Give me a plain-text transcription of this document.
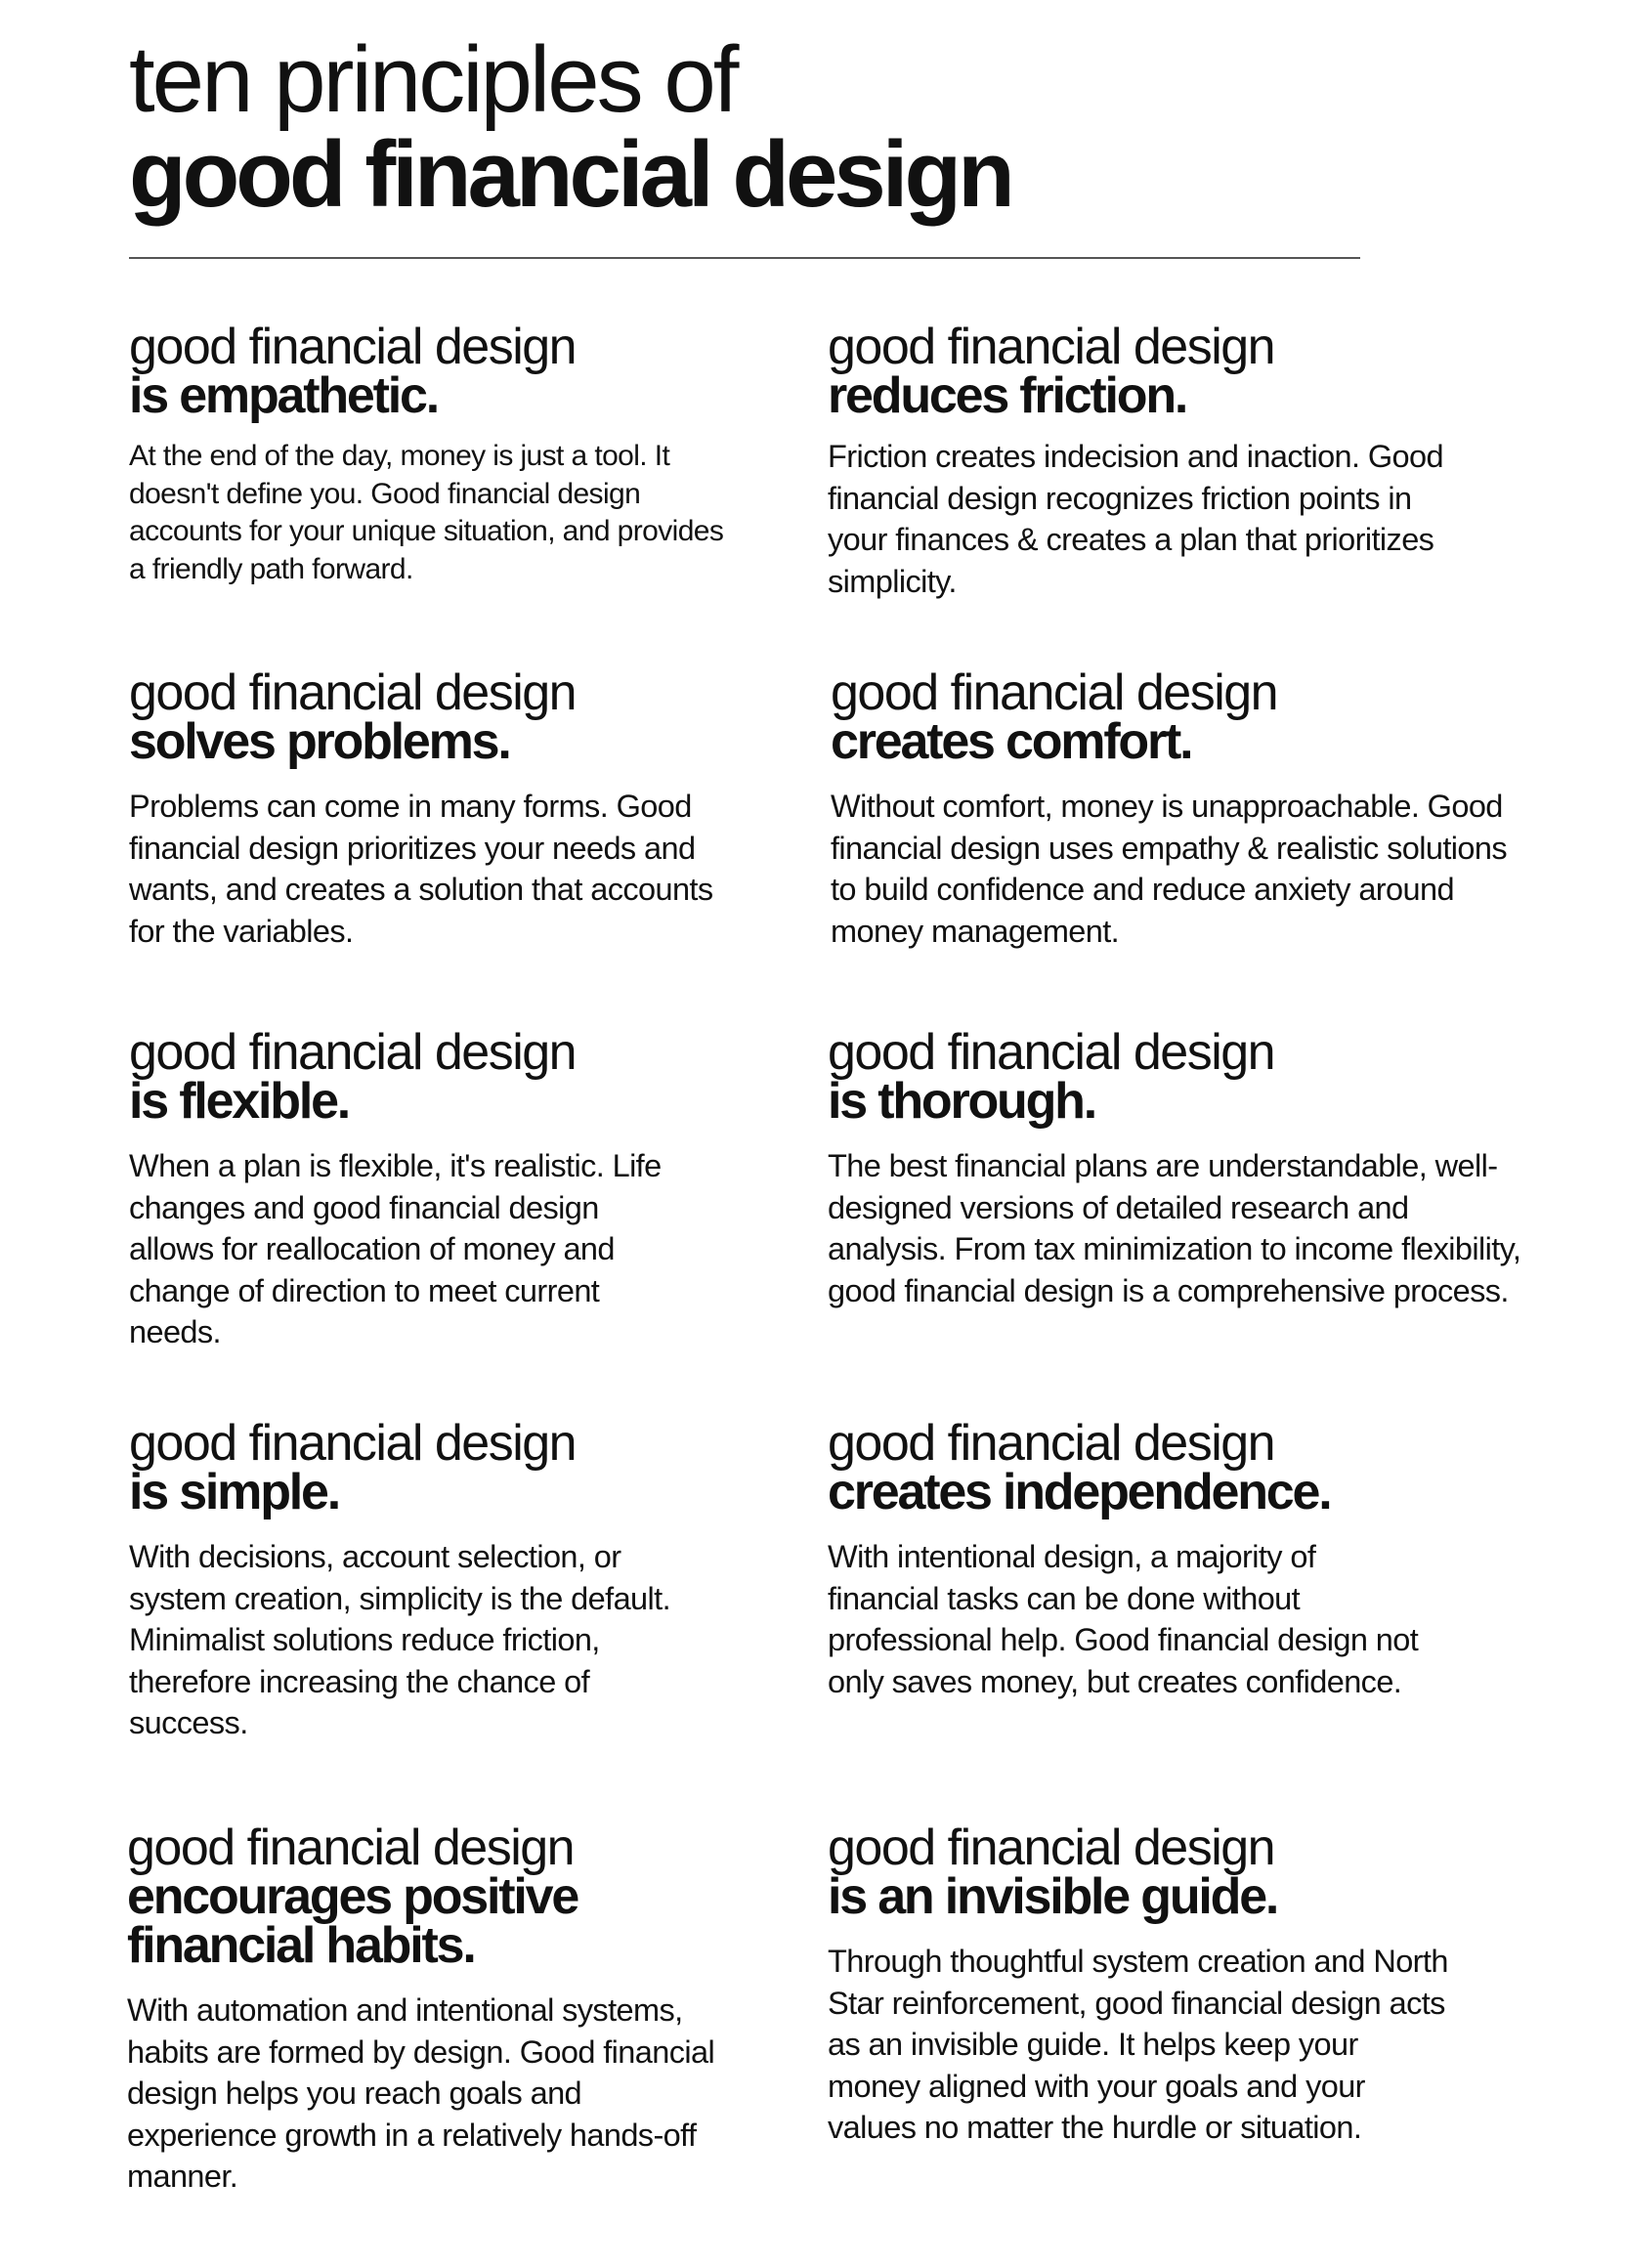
ten principles of
good financial design
good financial design
is empathetic.
At the end of the day, money is just a tool. It doesn't define you. Good financial design accounts for your unique situation, and provides a friendly path forward.
good financial design
reduces friction.
Friction creates indecision and inaction. Good financial design recognizes friction points in your finances & creates a plan that prioritizes simplicity.
good financial design
solves problems.
Problems can come in many forms. Good financial design prioritizes your needs and wants, and creates a solution that accounts for the variables.
good financial design
creates comfort.
Without comfort, money is unapproachable. Good financial design uses empathy & realistic solutions to build confidence and reduce anxiety around money management.
good financial design
is flexible.
When a plan is flexible, it's realistic. Life changes and good financial design allows for reallocation of money and change of direction to meet current needs.
good financial design
is thorough.
The best financial plans are understandable, well-designed versions of detailed research and analysis. From tax minimization to income flexibility, good financial design is a comprehensive process.
good financial design
is simple.
With decisions, account selection, or system creation, simplicity is the default. Minimalist solutions reduce friction, therefore increasing the chance of success.
good financial design
creates independence.
With intentional design, a majority of financial tasks can be done without professional help. Good financial design not only saves money, but creates confidence.
good financial design
encourages positive financial habits.
With automation and intentional systems, habits are formed by design. Good financial design helps you reach goals and experience growth in a relatively hands-off manner.
good financial design
is an invisible guide.
Through thoughtful system creation and North Star reinforcement, good financial design acts as an invisible guide. It helps keep your money aligned with your goals and your values no matter the hurdle or situation.
